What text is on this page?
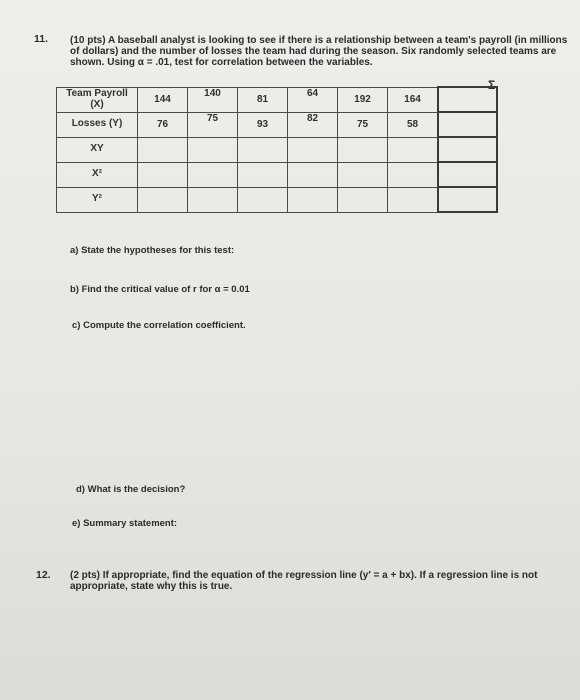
11. (10 pts) A baseball analyst is looking to see if there is a relationship between a team's payroll (in millions
of dollars) and the number of losses the team had during the season. Six randomly selected teams are
shown. Using α = .01, test for correlation between the variables.
Σ
Team Payroll
(X)	144	140	81	64	192	164	

Losses (Y)	76	75	93	82	75	58	

XY							

X²							

Y²							

a) State the hypotheses for this test:
b) Find the critical value of r for α = 0.01
c) Compute the correlation coefficient.
d) What is the decision?
e) Summary statement:
12. (2 pts) If appropriate, find the equation of the regression line (y′ = a + bx). If a regression line is not
appropriate, state why this is true.
